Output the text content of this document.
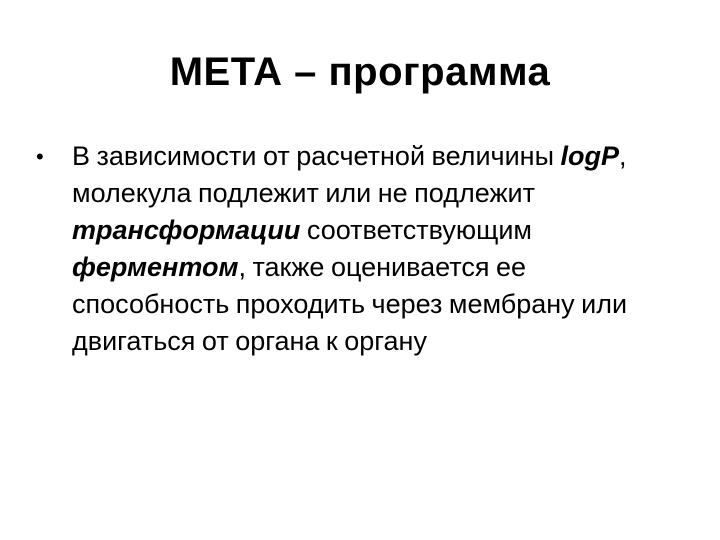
МЕТА – программа
• В зависимости от расчетной величины logP, молекула подлежит или не подлежит трансформации соответствующим ферментом, также оценивается ее способность проходить через мембрану или двигаться от органа к органу
